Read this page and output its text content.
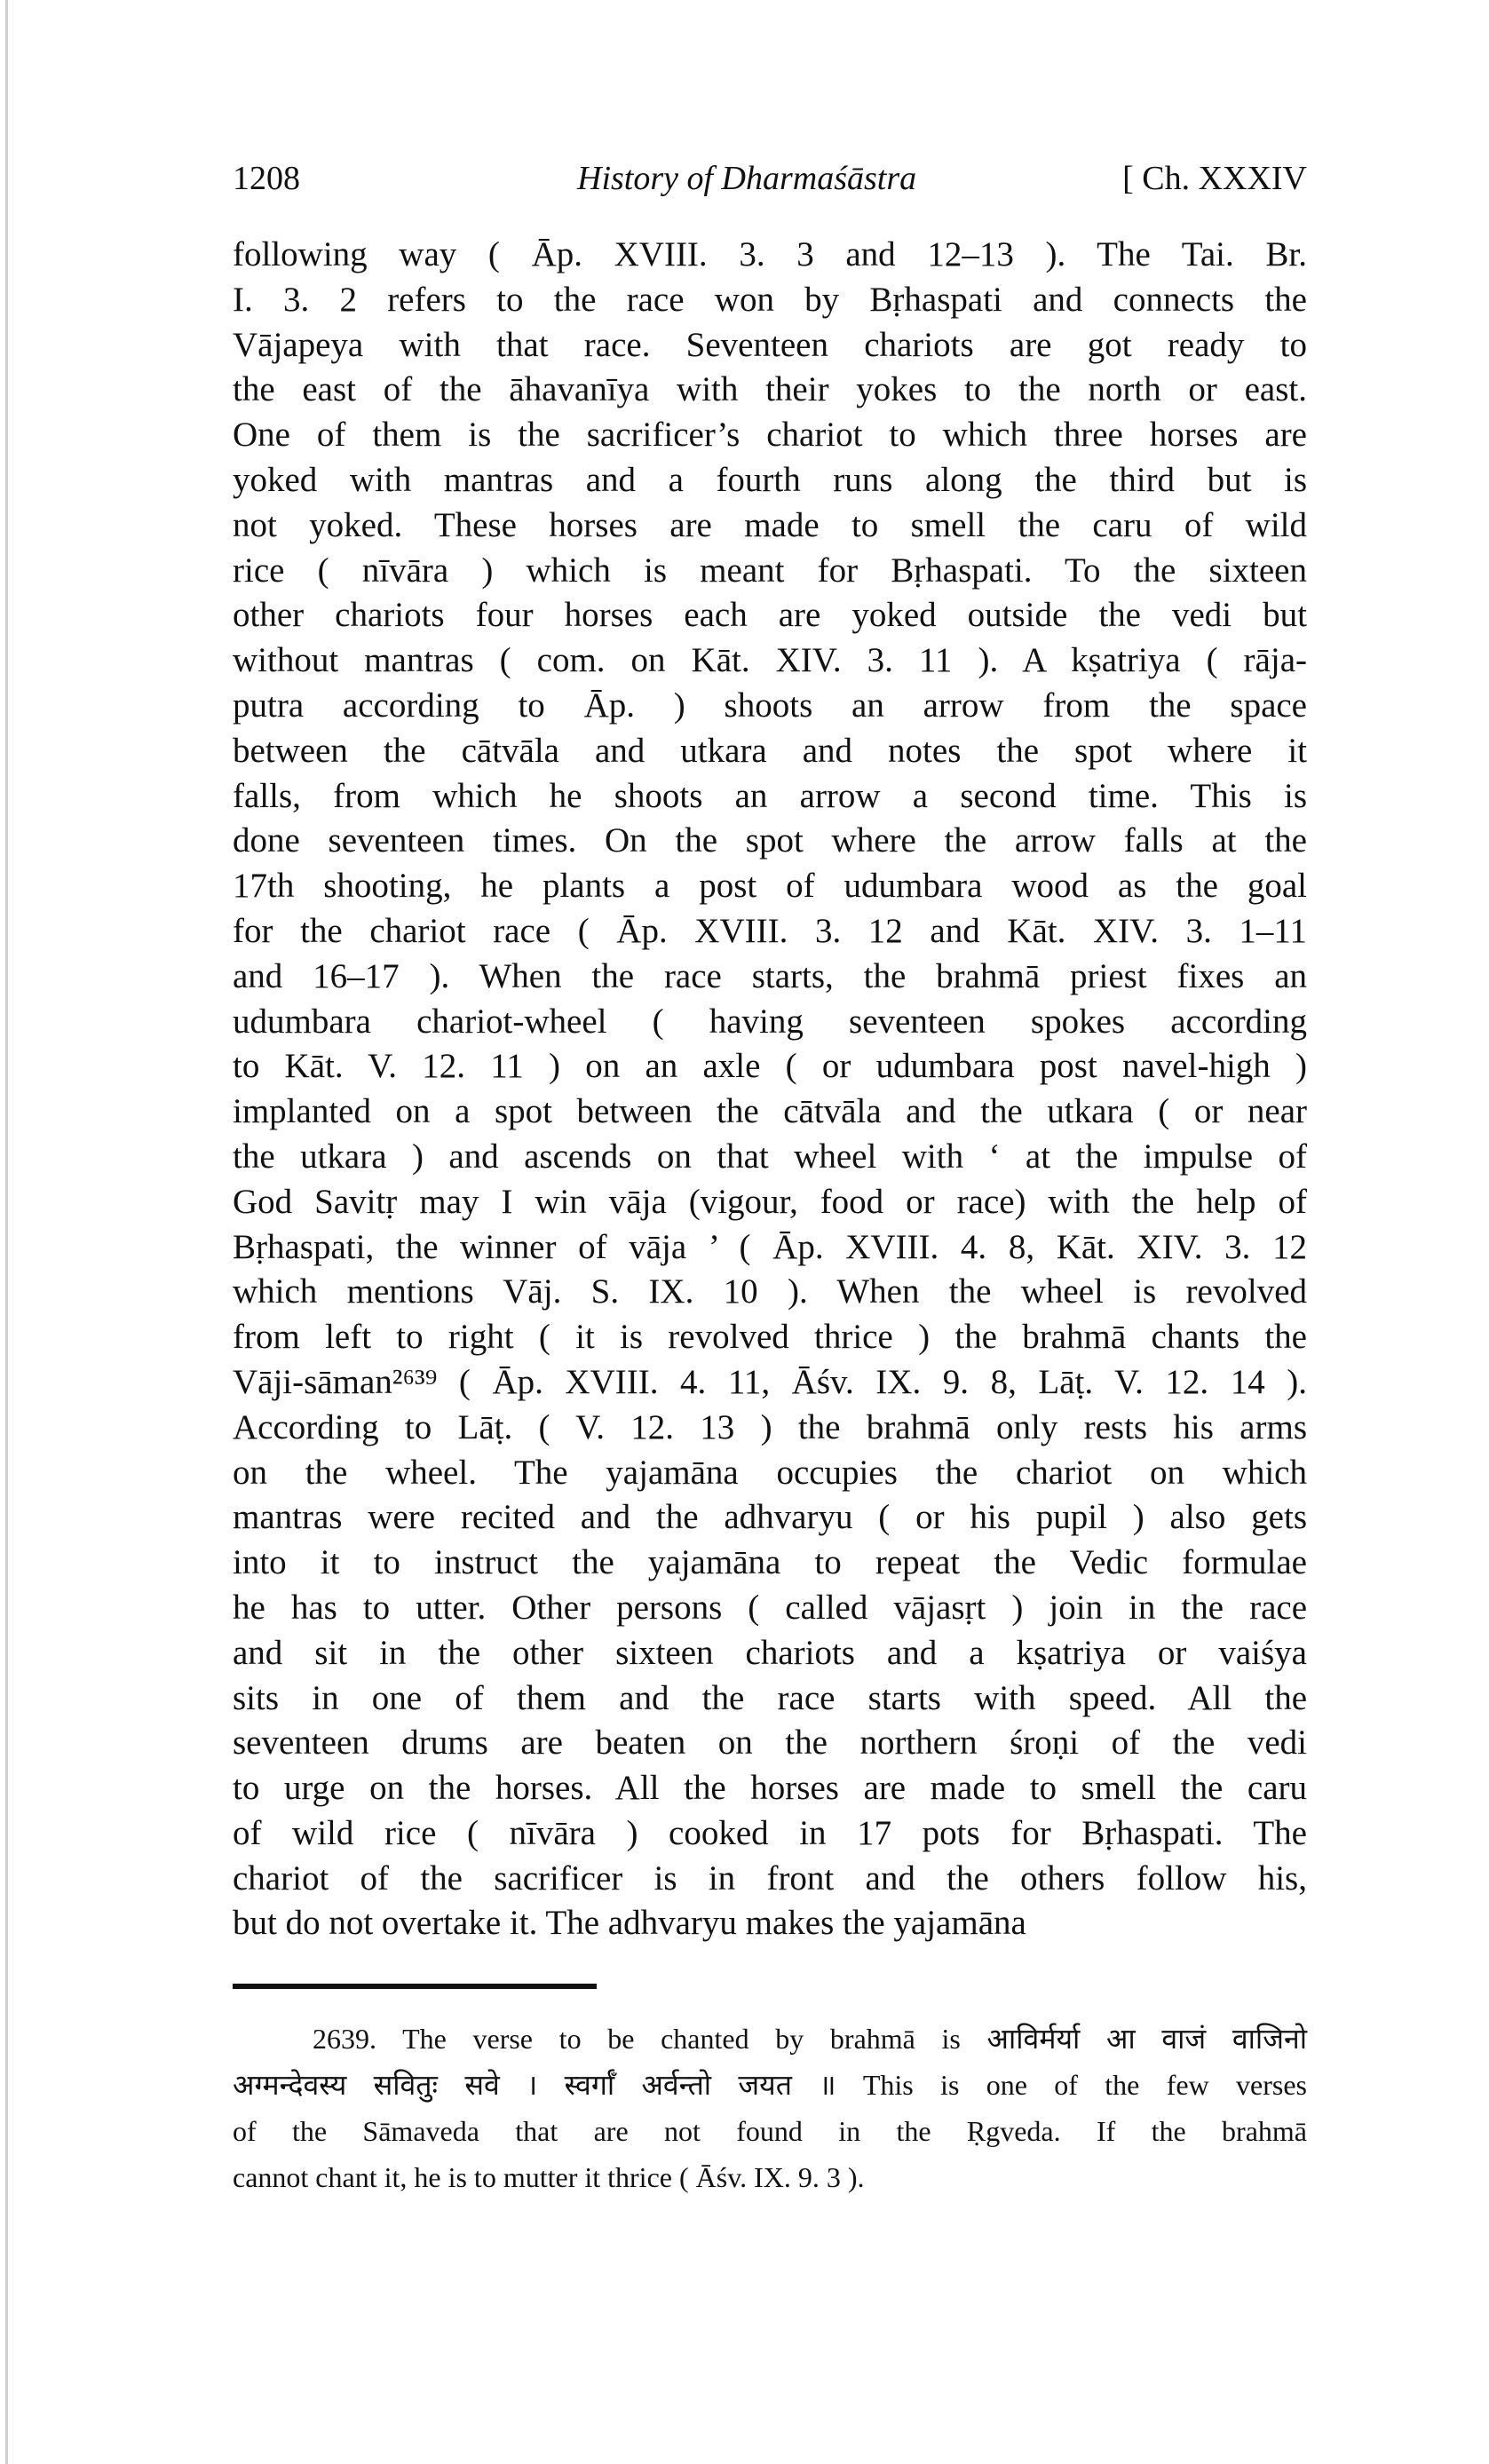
1208	History of Dharmaśāstra	[ Ch. XXXIV
following way ( Āp. XVIII. 3. 3 and 12–13 ). The Tai. Br.
I. 3. 2 refers to the race won by Bṛhaspati and connects the
Vājapeya with that race. Seventeen chariots are got ready to
the east of the āhavanīya with their yokes to the north or east.
One of them is the sacrificer’s chariot to which three horses are
yoked with mantras and a fourth runs along the third but is
not yoked. These horses are made to smell the caru of wild
rice ( nīvāra ) which is meant for Bṛhaspati. To the sixteen
other chariots four horses each are yoked outside the vedi but
without mantras ( com. on Kāt. XIV. 3. 11 ). A kṣatriya ( rāja-
putra according to Āp. ) shoots an arrow from the space
between the cātvāla and utkara and notes the spot where it
falls, from which he shoots an arrow a second time. This is
done seventeen times. On the spot where the arrow falls at the
17th shooting, he plants a post of udumbara wood as the goal
for the chariot race ( Āp. XVIII. 3. 12 and Kāt. XIV. 3. 1–11
and 16–17 ). When the race starts, the brahmā priest fixes an
udumbara chariot-wheel ( having seventeen spokes according
to Kāt. V. 12. 11 ) on an axle ( or udumbara post navel-high )
implanted on a spot between the cātvāla and the utkara ( or near
the utkara ) and ascends on that wheel with ‘ at the impulse of
God Savitṛ may I win vāja (vigour, food or race) with the help of
Bṛhaspati, the winner of vāja ’ ( Āp. XVIII. 4. 8, Kāt. XIV. 3. 12
which mentions Vāj. S. IX. 10 ). When the wheel is revolved
from left to right ( it is revolved thrice ) the brahmā chants the
Vāji-sāman²⁶³⁹ ( Āp. XVIII. 4. 11, Āśv. IX. 9. 8, Lāṭ. V. 12. 14 ).
According to Lāṭ. ( V. 12. 13 ) the brahmā only rests his arms
on the wheel. The yajamāna occupies the chariot on which
mantras were recited and the adhvaryu ( or his pupil ) also gets
into it to instruct the yajamāna to repeat the Vedic formulae
he has to utter. Other persons ( called vājasṛt ) join in the race
and sit in the other sixteen chariots and a kṣatriya or vaiśya
sits in one of them and the race starts with speed. All the
seventeen drums are beaten on the northern śroṇi of the vedi
to urge on the horses. All the horses are made to smell the caru
of wild rice ( nīvāra ) cooked in 17 pots for Bṛhaspati. The
chariot of the sacrificer is in front and the others follow his,
but do not overtake it. The adhvaryu makes the yajamāna
2639. The verse to be chanted by brahmā is आविर्मर्या आ वाजं वाजिनो
अग्मन्देवस्य सवितुः सवे । स्वर्गाँ अर्वन्तो जयत ॥ This is one of the few verses
of the Sāmaveda that are not found in the Ṛgveda. If the brahmā
cannot chant it, he is to mutter it thrice ( Āśv. IX. 9. 3 ).
